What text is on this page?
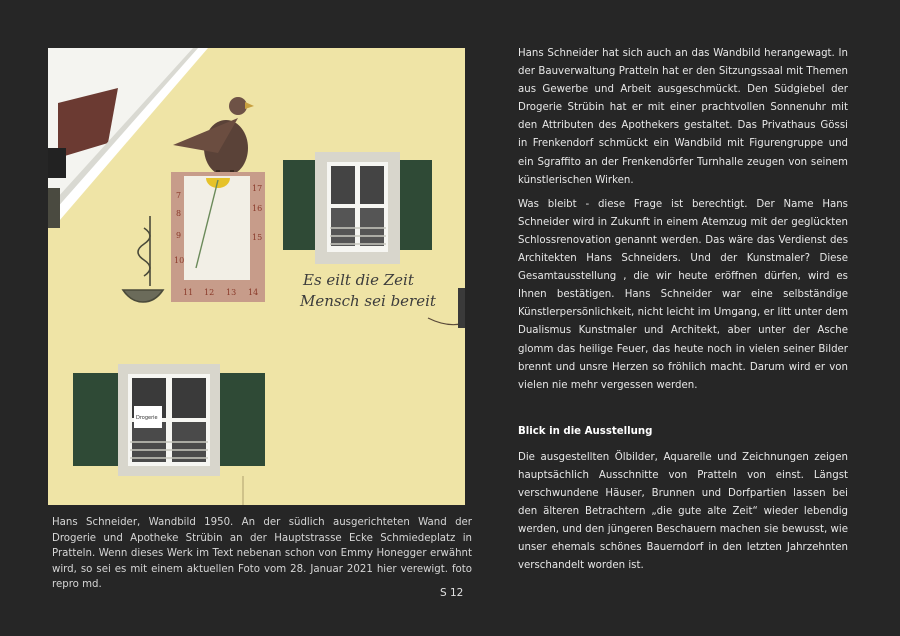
7
8
9
10
17
16
15
11 12 13 14
Es eilt die Zeit
Mensch sei bereit
Drogerie
Hans Schneider, Wandbild 1950. An der südlich ausgerichteten Wand der Drogerie und Apotheke Strübin an der Hauptstrasse Ecke Schmiedeplatz in Pratteln. Wenn dieses Werk im Text nebenan schon von Emmy Honegger erwähnt wird, so sei es mit einem aktuellen Foto vom 28. Januar 2021 hier verewigt. foto repro md.
S 12

Hans Schneider hat sich auch an das Wandbild herangewagt. In der Bauverwaltung Pratteln hat er den Sitzungssaal mit Themen aus Gewerbe und Arbeit ausgeschmückt. Den Südgiebel der Drogerie Strübin hat er mit einer prachtvollen Sonnenuhr mit den Attributen des Apothekers gestaltet. Das Privathaus Gössi in Frenkendorf schmückt ein Wandbild mit Figurengruppe und ein Sgraffito an der Frenkendörfer Turnhalle zeugen von seinem künstlerischen Wirken.

Was bleibt - diese Frage ist berechtigt. Der Name Hans Schneider wird in Zukunft in einem Atemzug mit der geglückten Schlossrenovation genannt werden. Das wäre das Verdienst des Architekten Hans Schneiders. Und der Kunstmaler? Diese Gesamtausstellung , die wir heute eröffnen dürfen, wird es Ihnen bestätigen. Hans Schneider war eine selbständige Künstlerpersönlichkeit, nicht leicht im Umgang, er litt unter dem Dualismus Kunstmaler und Architekt, aber unter der Asche glomm das heilige Feuer, das heute noch in vielen seiner Bilder brennt und unsre Herzen so fröhlich macht. Darum wird er von vielen nie mehr vergessen werden.

Blick in die Ausstellung

Die ausgestellten Ölbilder, Aquarelle und Zeichnungen zeigen hauptsächlich Ausschnitte von Pratteln von einst. Längst verschwundene Häuser, Brunnen und Dorfpartien lassen bei den älteren Betrachtern „die gute alte Zeit“ wieder lebendig werden, und den jüngeren Beschauern machen sie bewusst, wie unser ehemals schönes Bauerndorf in den letzten Jahrzehnten verschandelt worden ist.
